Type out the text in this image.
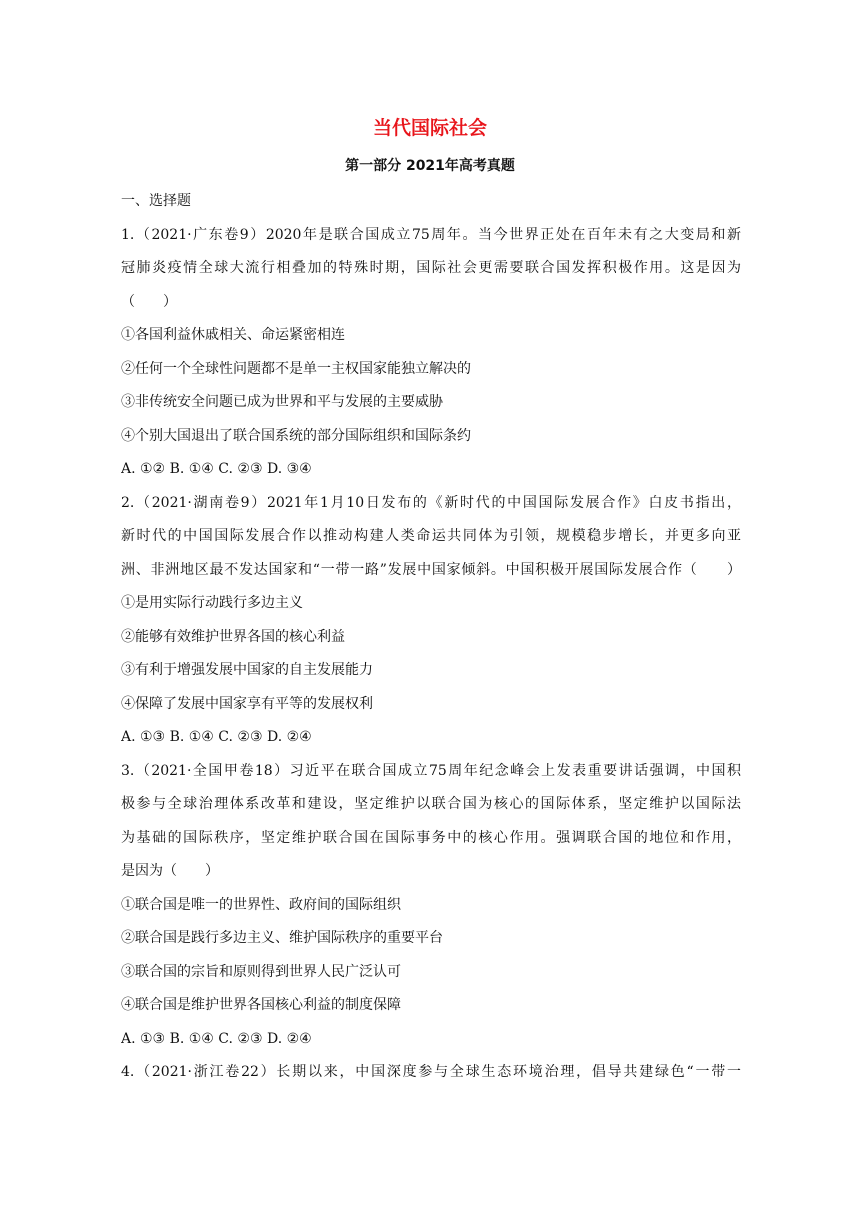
当代国际社会
第一部分 2021年高考真题
一、选择题
1.（2021·广东卷9）2020年是联合国成立75周年。当今世界正处在百年未有之大变局和新
冠肺炎疫情全球大流行相叠加的特殊时期，国际社会更需要联合国发挥积极作用。这是因为
（　　）
①各国利益休戚相关、命运紧密相连
②任何一个全球性问题都不是单一主权国家能独立解决的
③非传统安全问题已成为世界和平与发展的主要威胁
④个别大国退出了联合国系统的部分国际组织和国际条约
A. ①② B. ①④ C. ②③ D. ③④
2.（2021·湖南卷9）2021年1月10日发布的《新时代的中国国际发展合作》白皮书指出，
新时代的中国国际发展合作以推动构建人类命运共同体为引领，规模稳步增长，并更多向亚
洲、非洲地区最不发达国家和“一带一路”发展中国家倾斜。中国积极开展国际发展合作（　　）
①是用实际行动践行多边主义
②能够有效维护世界各国的核心利益
③有利于增强发展中国家的自主发展能力
④保障了发展中国家享有平等的发展权利
A. ①③ B. ①④ C. ②③ D. ②④
3.（2021·全国甲卷18）习近平在联合国成立75周年纪念峰会上发表重要讲话强调，中国积
极参与全球治理体系改革和建设，坚定维护以联合国为核心的国际体系，坚定维护以国际法
为基础的国际秩序，坚定维护联合国在国际事务中的核心作用。强调联合国的地位和作用，
是因为（　　）
①联合国是唯一的世界性、政府间的国际组织
②联合国是践行多边主义、维护国际秩序的重要平台
③联合国的宗旨和原则得到世界人民广泛认可
④联合国是维护世界各国核心利益的制度保障
A. ①③ B. ①④ C. ②③ D. ②④
4.（2021·浙江卷22）长期以来，中国深度参与全球生态环境治理，倡导共建绿色“一带一
